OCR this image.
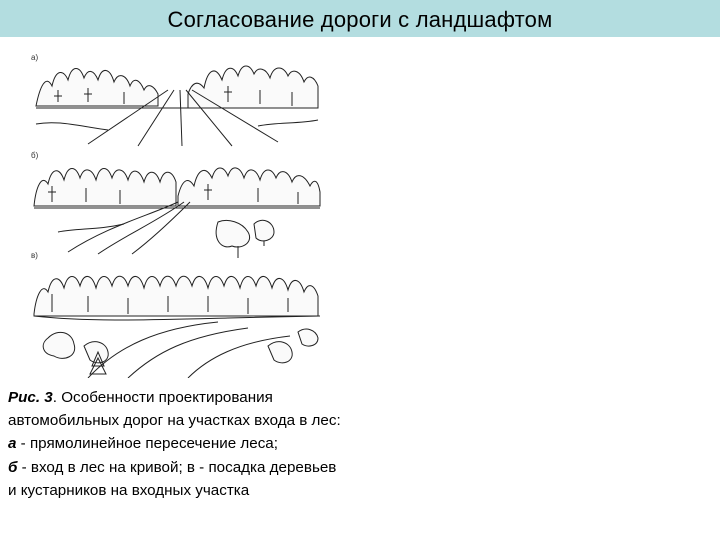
Согласование дороги с ландшафтом
а)
б)
в)
Рис. 3. Особенности проектирования
автомобильных дорог на участках входа в лес:
а - прямолинейное пересечение леса;
б - вход в лес на кривой; в - посадка деревьев
и кустарников на входных участка
